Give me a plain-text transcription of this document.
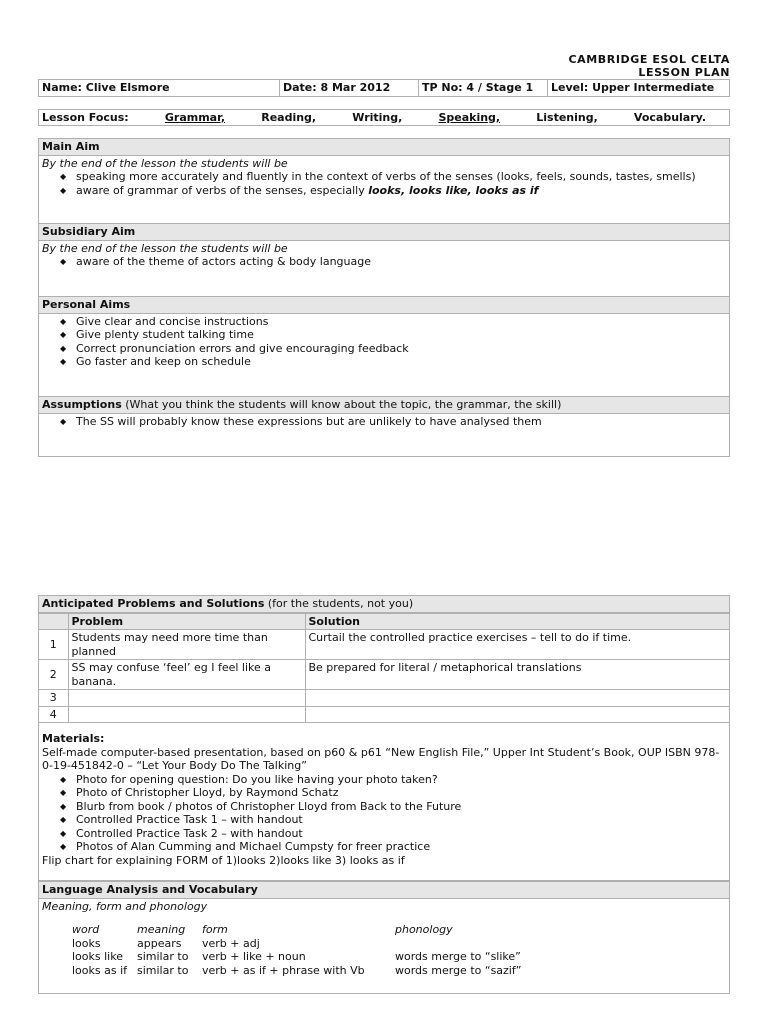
CAMBRIDGE ESOL CELTA
LESSON PLAN
Name: Clive Elsmore	Date: 8 Mar 2012	TP No: 4 / Stage 1	Level: Upper Intermediate
Lesson Focus:	Grammar,	Reading,	Writing,	Speaking,	Listening,	Vocabulary.
Main Aim
By the end of the lesson the students will be
◆ speaking more accurately and fluently in the context of verbs of the senses (looks, feels, sounds, tastes, smells)
◆ aware of grammar of verbs of the senses, especially looks, looks like, looks as if
Subsidiary Aim
By the end of the lesson the students will be
◆ aware of the theme of actors acting & body language
Personal Aims
◆ Give clear and concise instructions
◆ Give plenty student talking time
◆ Correct pronunciation errors and give encouraging feedback
◆ Go faster and keep on schedule
Assumptions (What you think the students will know about the topic, the grammar, the skill)
◆ The SS will probably know these expressions but are unlikely to have analysed them
Anticipated Problems and Solutions (for the students, not you)
	Problem	Solution
1	Students may need more time than planned	Curtail the controlled practice exercises – tell to do if time.
2	SS may confuse ‘feel’ eg I feel like a banana.	Be prepared for literal / metaphorical translations
3		
4		
Materials:
Self-made computer-based presentation, based on p60 & p61 “New English File,” Upper Int Student’s Book, OUP ISBN 978-0-19-451842-0 – “Let Your Body Do The Talking”
◆ Photo for opening question: Do you like having your photo taken?
◆ Photo of Christopher Lloyd, by Raymond Schatz
◆ Blurb from book / photos of Christopher Lloyd from Back to the Future
◆ Controlled Practice Task 1 – with handout
◆ Controlled Practice Task 2 – with handout
◆ Photos of Alan Cumming and Michael Cumpsty for freer practice
Flip chart for explaining FORM of 1)looks 2)looks like 3) looks as if
Language Analysis and Vocabulary
Meaning, form and phonology
word	meaning	form	phonology
looks	appears	verb + adj	
looks like	similar to	verb + like + noun	words merge to “slike”
looks as if	similar to	verb + as if + phrase with Vb	words merge to “sazif”
